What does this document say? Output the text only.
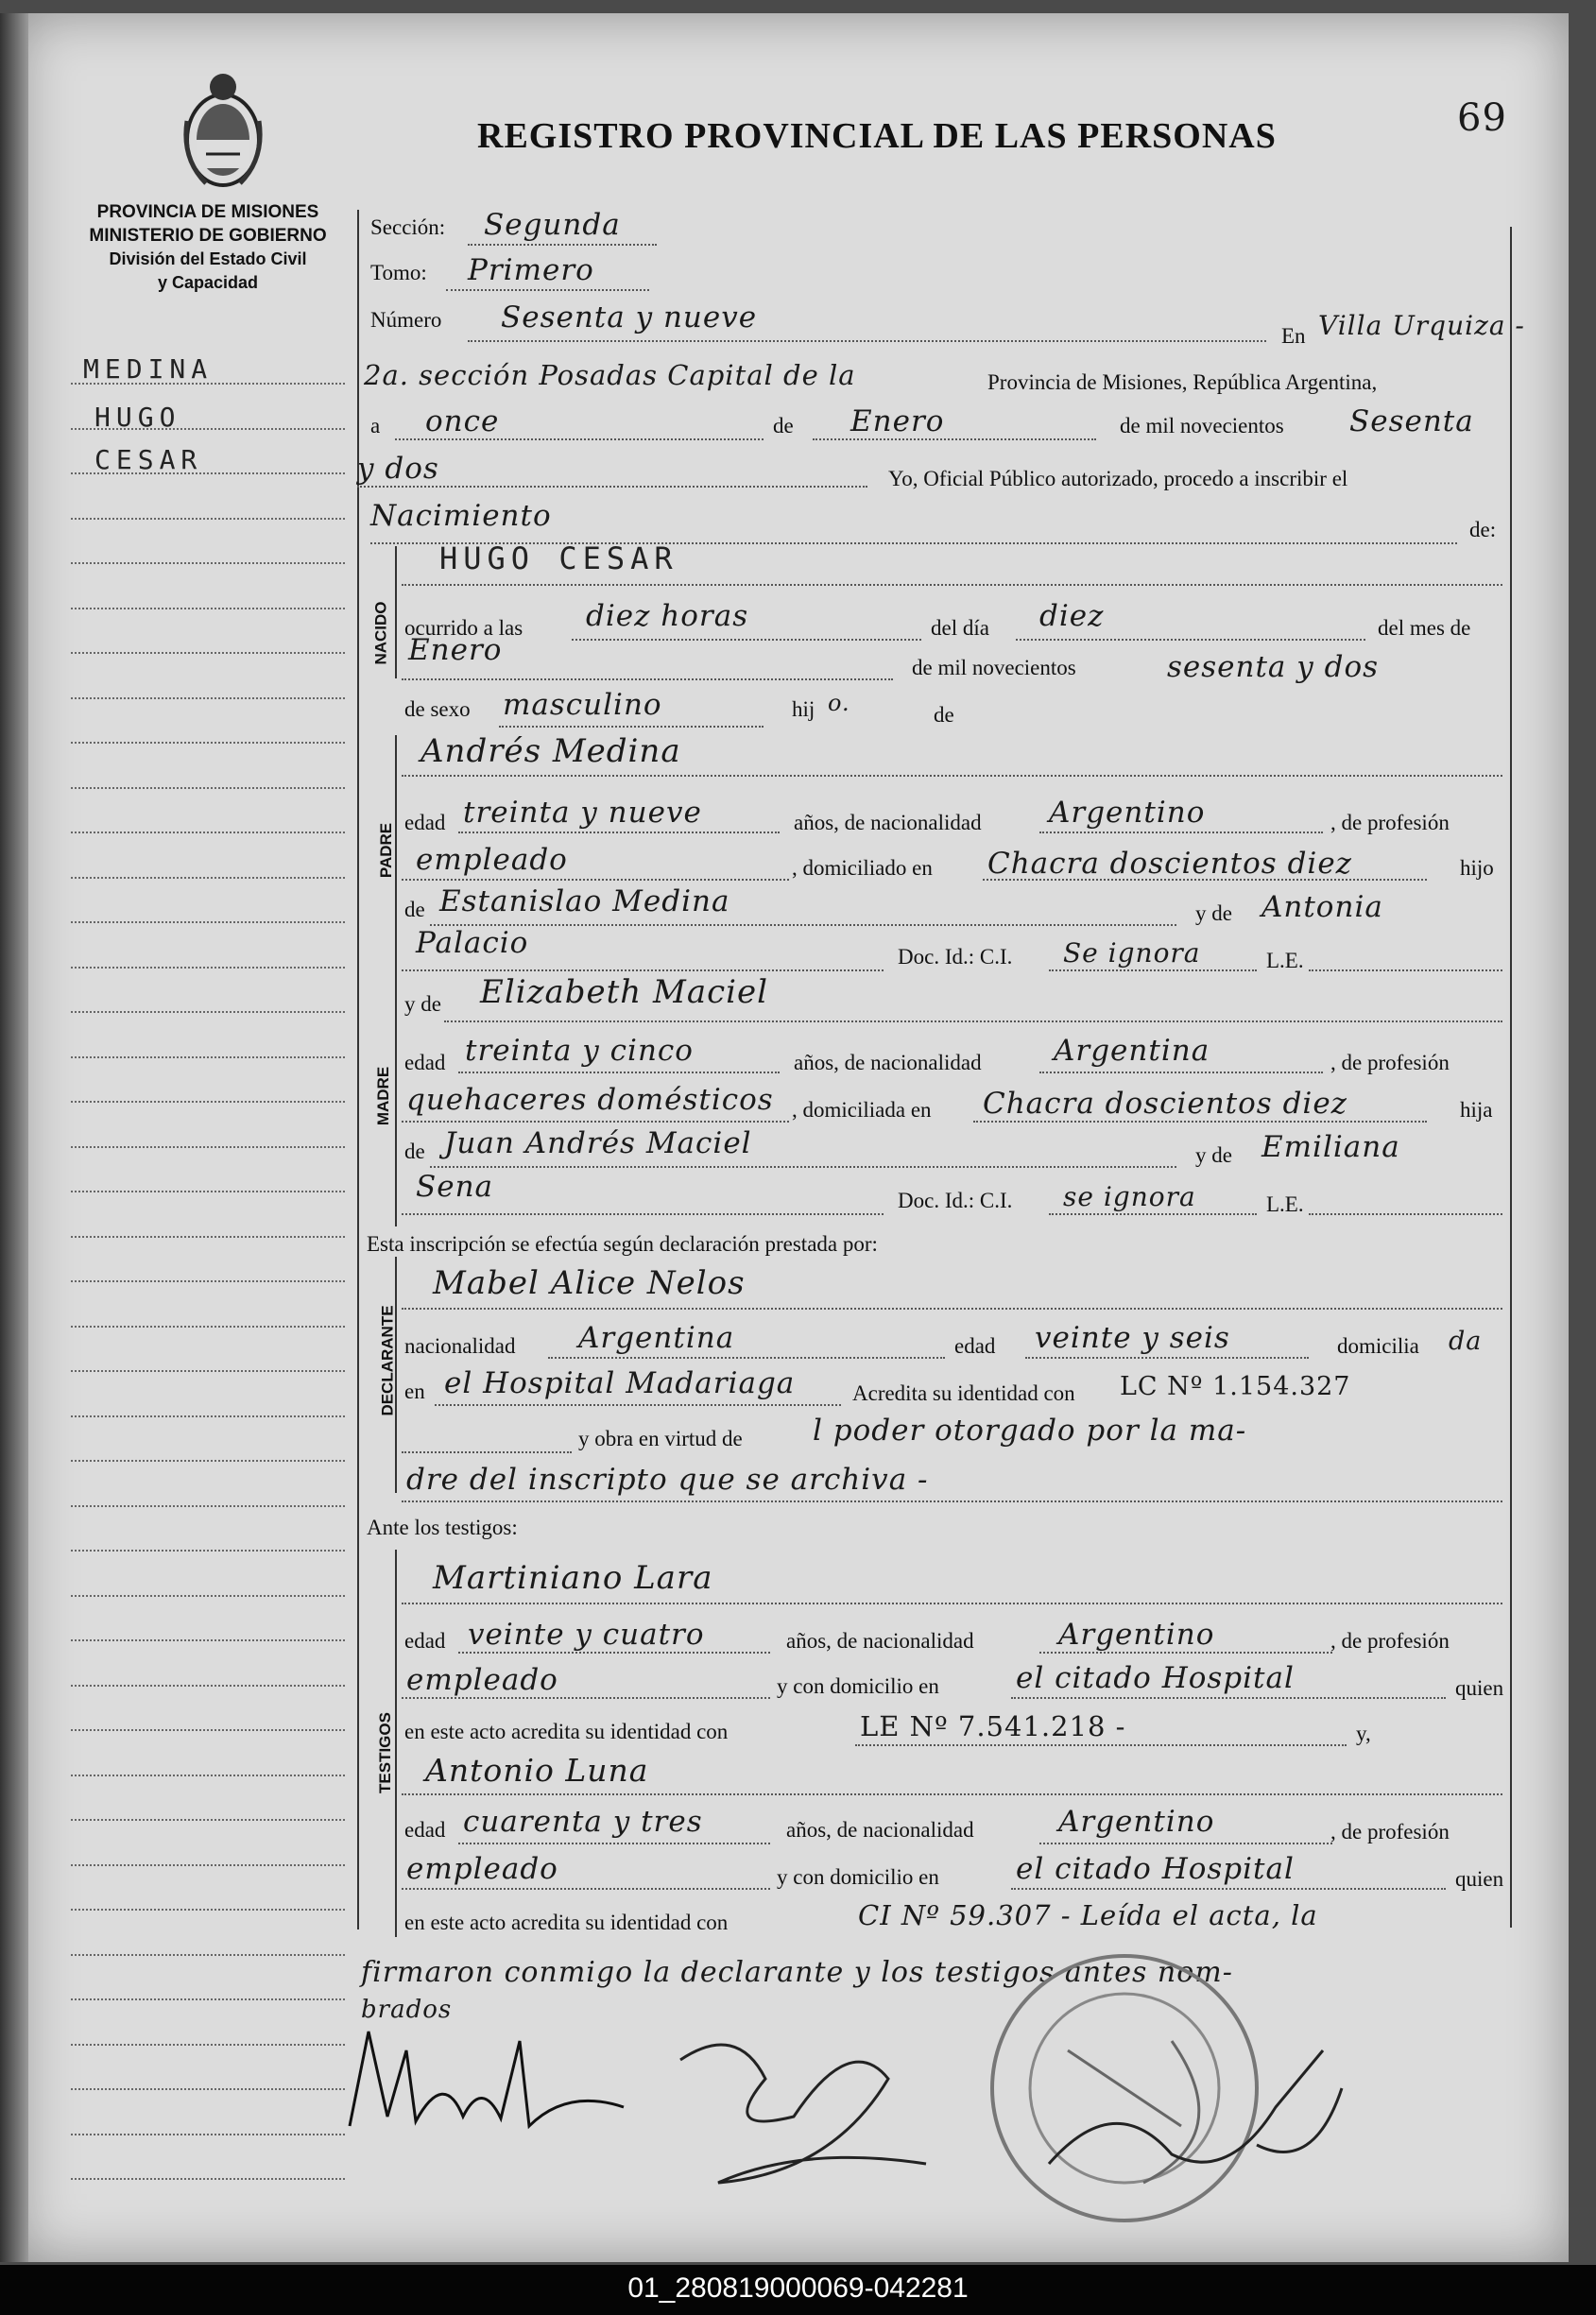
REGISTRO PROVINCIAL DE LAS PERSONAS	69
PROVINCIA DE MISIONES
MINISTERIO DE GOBIERNO
División del Estado Civil
y Capacidad
MEDINA
HUGO
CESAR
Sección: Segunda
Tomo: Primero
Número Sesenta y nueve
En Villa Urquiza -
2a. sección Posadas Capital de la	Provincia de Misiones, República Argentina,
a once	de Enero	de mil novecientos Sesenta
y dos	Yo, Oficial Público autorizado, procedo a inscribir el
Nacimiento	de:
NACIDO
HUGO CESAR
ocurrido a las diez horas	del día diez	del mes de
Enero
de mil novecientos	sesenta y dos
de sexo masculino	hij o.	de
PADRE
Andrés Medina
edad treinta y nueve	años, de nacionalidad Argentino	, de profesión
empleado	, domiciliado en Chacra doscientos diez	hijo
de Estanislao Medina	y de Antonia
Palacio	Doc. Id.: C.I. Se ignora	L.E.
MADRE
y de Elizabeth Maciel
edad treinta y cinco	años, de nacionalidad Argentina	, de profesión
quehaceres domésticos , domiciliada en Chacra doscientos diez	hija
de Juan Andrés Maciel	y de Emiliana
Sena	Doc. Id.: C.I. se ignora	L.E.
Esta inscripción se efectúa según declaración prestada por:
DECLARANTE
Mabel Alice Nelos
nacionalidad Argentina	edad veinte y seis	domicilia da
en el Hospital Madariaga	Acredita su identidad con LC Nº 1.154.327
y obra en virtud de l poder otorgado por la ma-
dre del inscripto que se archiva -
Ante los testigos:
TESTIGOS
Martiniano Lara
edad veinte y cuatro	años, de nacionalidad	Argentino	, de profesión
empleado	y con domicilio en	el citado Hospital	quien
en este acto acredita su identidad con	LE Nº 7.541.218 -	y,
Antonio Luna
edad cuarenta y tres	años, de nacionalidad	Argentino	, de profesión
empleado	y con domicilio en	el citado Hospital	quien
en este acto acredita su identidad con	CI Nº 59.307 - Leída el acta, la
firmaron conmigo la declarante y los testigos antes nom-
brados
01_280819000069-042281
